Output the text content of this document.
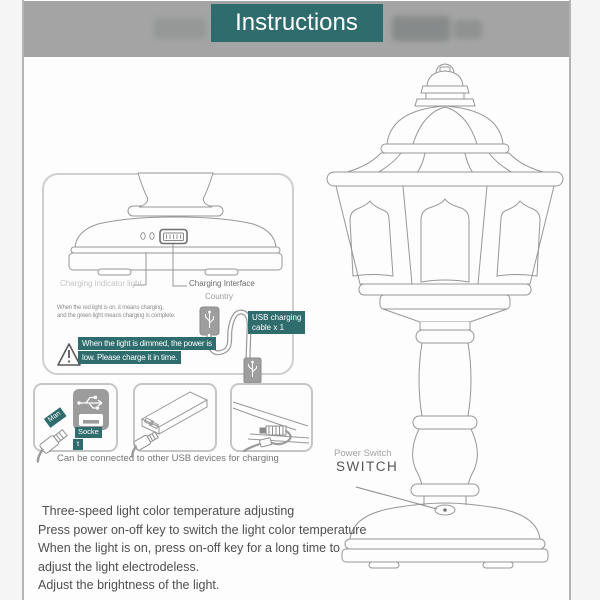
Instructions
Charging indicator light	Charging Interface
When the red light is on, it means charging,
and the green light means charging is complete.
When the light is dimmed, the power is
low. Please charge it in time.
Country
USB charging
cable x 1
Man
Socke
t
Can be connected to other USB devices for charging	Power Switch
SWITCH
Three-speed light color temperature adjusting
Press power on-off key to switch the light color temperature
When the light is on, press on-off key for a long time to
adjust the light electrodeless.
Adjust the brightness of the light.
